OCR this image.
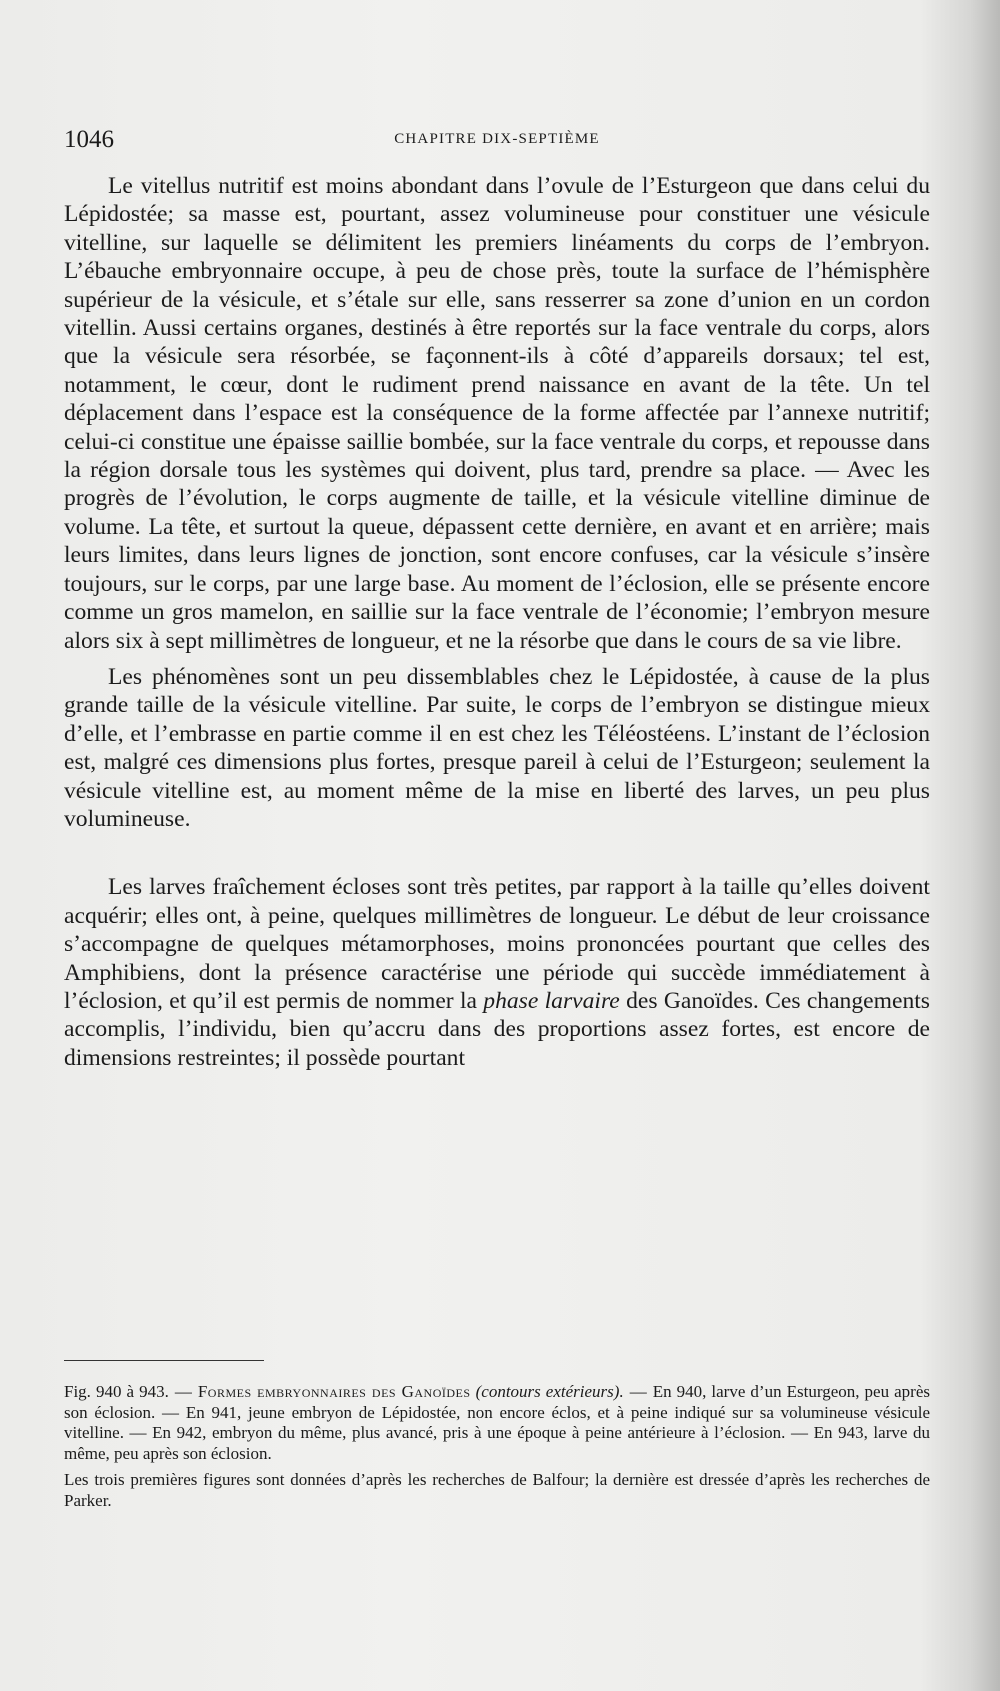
1046	CHAPITRE DIX-SEPTIÈME

Le vitellus nutritif est moins abondant dans l’ovule de l’Esturgeon que dans celui du Lépidostée; sa masse est, pourtant, assez volumineuse pour constituer une vésicule vitelline, sur laquelle se délimitent les premiers linéaments du corps de l’embryon. L’ébauche embryonnaire occupe, à peu de chose près, toute la surface de l’hémisphère supérieur de la vésicule, et s’étale sur elle, sans resserrer sa zone d’union en un cordon vitellin. Aussi certains organes, destinés à être reportés sur la face ventrale du corps, alors que la vésicule sera résorbée, se façonnent-ils à côté d’appareils dorsaux; tel est, notamment, le cœur, dont le rudiment prend naissance en avant de la tête. Un tel déplacement dans l’espace est la conséquence de la forme affectée par l’annexe nutritif; celui-ci constitue une épaisse saillie bombée, sur la face ventrale du corps, et repousse dans la région dorsale tous les systèmes qui doivent, plus tard, prendre sa place. — Avec les progrès de l’évolution, le corps augmente de taille, et la vésicule vitelline diminue de volume. La tête, et surtout la queue, dépassent cette dernière, en avant et en arrière; mais leurs limites, dans leurs lignes de jonction, sont encore confuses, car la vésicule s’insère toujours, sur le corps, par une large base. Au moment de l’éclosion, elle se présente encore comme un gros mamelon, en saillie sur la face ventrale de l’économie; l’embryon mesure alors six à sept millimètres de longueur, et ne la résorbe que dans le cours de sa vie libre.

Les phénomènes sont un peu dissemblables chez le Lépidostée, à cause de la plus grande taille de la vésicule vitelline. Par suite, le corps de l’embryon se distingue mieux d’elle, et l’embrasse en partie comme il en est chez les Téléostéens. L’instant de l’éclosion est, malgré ces dimensions plus fortes, presque pareil à celui de l’Esturgeon; seulement la vésicule vitelline est, au moment même de la mise en liberté des larves, un peu plus volumineuse.

Les larves fraîchement écloses sont très petites, par rapport à la taille qu’elles doivent acquérir; elles ont, à peine, quelques millimètres de longueur. Le début de leur croissance s’accompagne de quelques métamorphoses, moins prononcées pourtant que celles des Amphibiens, dont la présence caractérise une période qui succède immédiatement à l’éclosion, et qu’il est permis de nommer la phase larvaire des Ganoïdes. Ces changements accomplis, l’individu, bien qu’accru dans des proportions assez fortes, est encore de dimensions restreintes; il possède pourtant

Fig. 940 à 943. — Formes embryonnaires des Ganoïdes (contours extérieurs). — En 940, larve d’un Esturgeon, peu après son éclosion. — En 941, jeune embryon de Lépidostée, non encore éclos, et à peine indiqué sur sa volumineuse vésicule vitelline. — En 942, embryon du même, plus avancé, pris à une époque à peine antérieure à l’éclosion. — En 943, larve du même, peu après son éclosion.

Les trois premières figures sont données d’après les recherches de Balfour; la dernière est dressée d’après les recherches de Parker.
